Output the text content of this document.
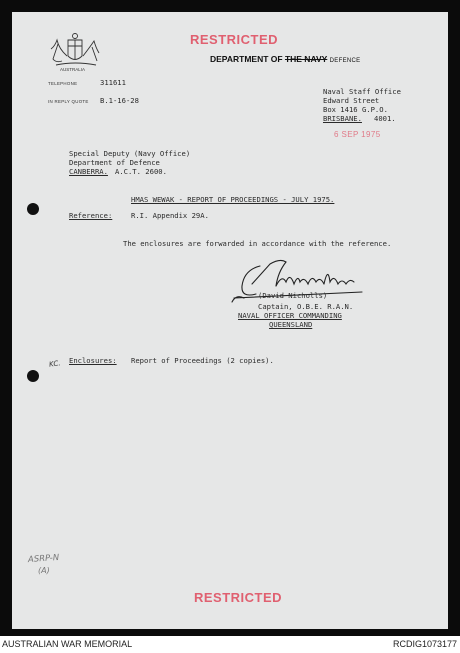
AUSTRALIA
RESTRICTED
DEPARTMENT OF THE NAVY DEFENCE
TELEPHONE	311611
IN REPLY QUOTE B.1-16-28
Naval Staff Office
Edward Street
Box 1416 G.P.O.
BRISBANE. 4001.
6 SEP 1975
Special Deputy (Navy Office)
Department of Defence
CANBERRA. A.C.T. 2600.
HMAS WEWAK - REPORT OF PROCEEDINGS - JULY 1975.
Reference:	R.I. Appendix 29A.
The enclosures are forwarded in accordance with the reference.
(David Nicholls)
Captain, O.B.E. R.A.N.
NAVAL OFFICER COMMANDING
QUEENSLAND
KC. Enclosures: Report of Proceedings (2 copies).
ASRP-N
(A)
RESTRICTED
AUSTRALIAN WAR MEMORIAL	RCDIG1073177
